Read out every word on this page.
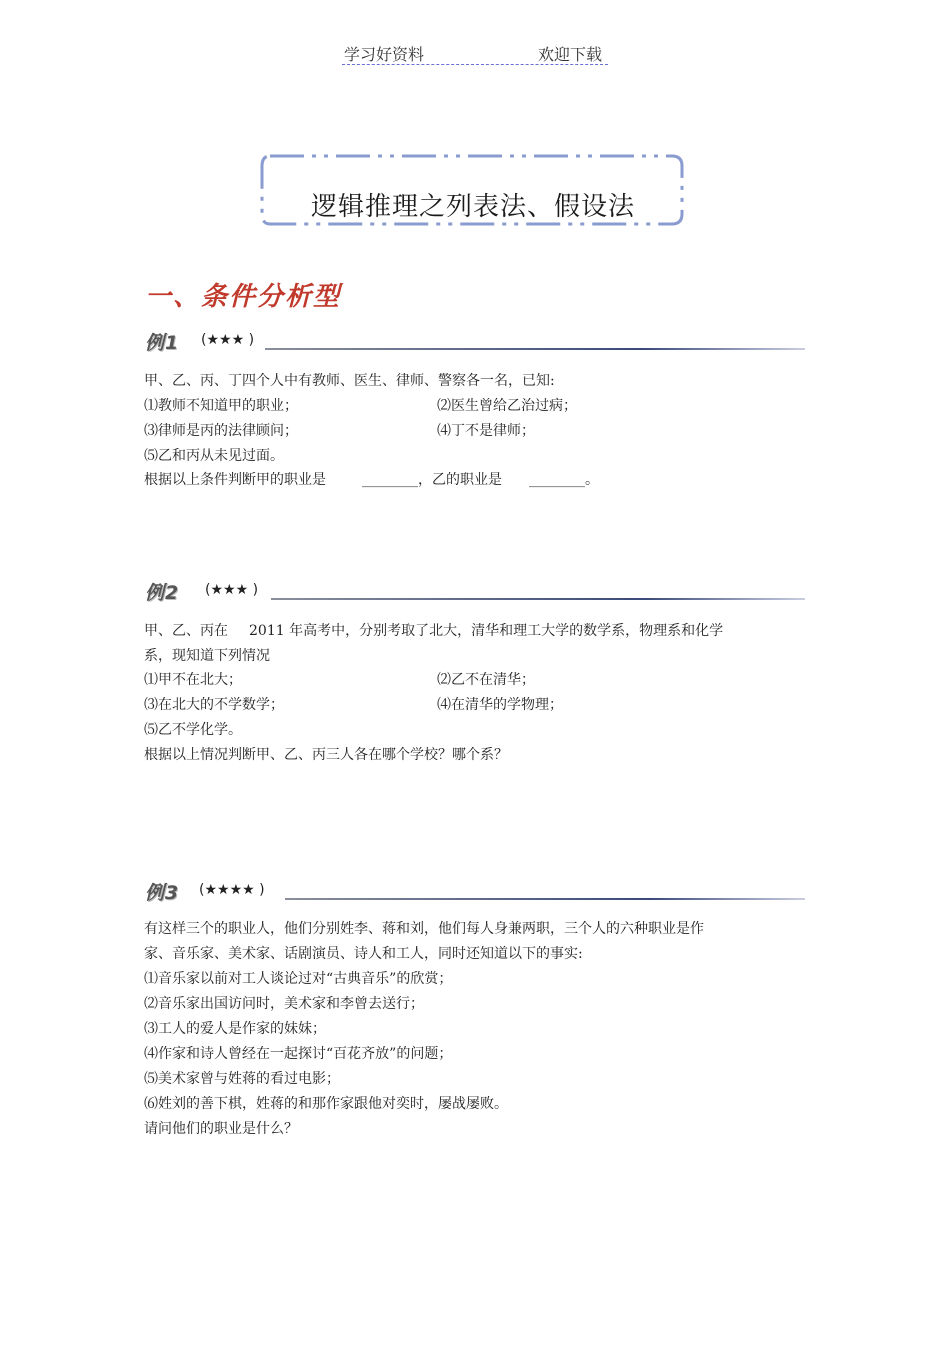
学习好资料	欢迎下载
逻辑推理之列表法、假设法
一、条件分析型
例1 (★★★ )
甲、乙、丙、丁四个人中有教师、医生、律师、警察各一名，已知:
⑴教师不知道甲的职业；	⑵医生曾给乙治过病；
⑶律师是丙的法律顾问；	⑷丁不是律师；
⑸乙和丙从未见过面。
根据以上条件判断甲的职业是	________，乙的职业是 ________。
例2 (★★★ )
甲、乙、丙在 2011 年高考中，分别考取了北大，清华和理工大学的数学系，物理系和化学
系，现知道下列情况
⑴甲不在北大；	⑵乙不在清华；
⑶在北大的不学数学；	⑷在清华的学物理；
⑸乙不学化学。
根据以上情况判断甲、乙、丙三人各在哪个学校？哪个系？
例3 (★★★★ )
有这样三个的职业人，他们分别姓李、蒋和刘，他们每人身兼两职，三个人的六种职业是作
家、音乐家、美术家、话剧演员、诗人和工人，同时还知道以下的事实:
⑴音乐家以前对工人谈论过对“古典音乐”的欣赏；
⑵音乐家出国访问时，美术家和李曾去送行；
⑶工人的爱人是作家的妹妹；
⑷作家和诗人曾经在一起探讨“百花齐放”的问题；
⑸美术家曾与姓蒋的看过电影；
⑹姓刘的善下棋，姓蒋的和那作家跟他对奕时，屡战屡败。
请问他们的职业是什么？
